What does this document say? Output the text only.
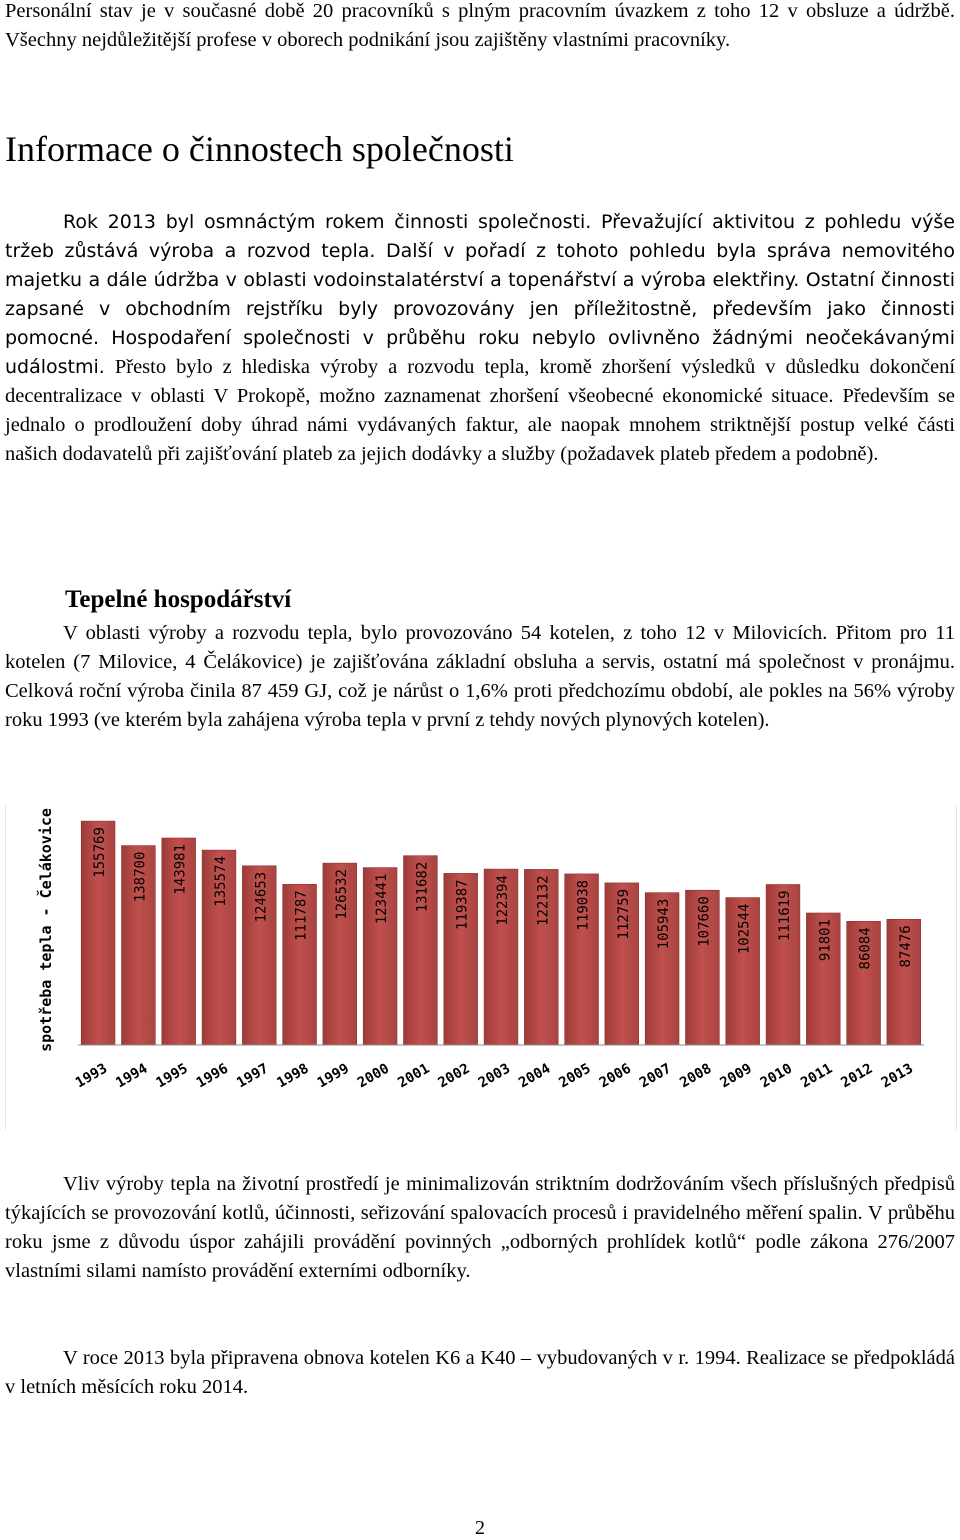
Personální stav je v současné době 20 pracovníků s plným pracovním úvazkem z toho 12 v obsluze a údržbě. Všechny nejdůležitější profese v oborech podnikání jsou zajištěny vlastními pracovníky.

Informace o činnostech společnosti

Rok 2013 byl osmnáctým rokem činnosti společnosti. Převažující aktivitou z pohledu výše tržeb zůstává výroba a rozvod tepla. Další v pořadí z tohoto pohledu byla správa nemovitého majetku a dále údržba v oblasti vodoinstalatérství a topenářství a výroba elektřiny. Ostatní činnosti zapsané v obchodním rejstříku byly provozovány jen příležitostně, především jako činnosti pomocné. Hospodaření společnosti v průběhu roku nebylo ovlivněno žádnými neočekávanými událostmi. Přesto bylo z hlediska výroby a rozvodu tepla, kromě zhoršení výsledků v důsledku dokončení decentralizace v oblasti V Prokopě, možno zaznamenat zhoršení všeobecné ekonomické situace. Především se jednalo o prodloužení doby úhrad námi vydávaných faktur, ale naopak mnohem striktnější postup velké části našich dodavatelů při zajišťování plateb za jejich dodávky a služby (požadavek plateb předem a podobně).

Tepelné hospodářství

V oblasti výroby a rozvodu tepla, bylo provozováno 54 kotelen, z toho 12 v Milovicích. Přitom pro 11 kotelen (7 Milovice, 4 Čelákovice) je zajišťována základní obsluha a servis, ostatní má společnost v pronájmu. Celková roční výroba činila 87 459 GJ, což je nárůst o 1,6% proti předchozímu období, ale pokles na 56% výroby roku 1993 (ve kterém byla zahájena výroba tepla v první z tehdy nových plynových kotelen).

spotřeba tepla - Čelákovice	155769
1993
138700
1994
143981
1995
135574
1996
124653
1997
111787
1998
126532
1999
123441
2000
131682
2001
119387
2002
122394
2003
122132
2004
119038
2005
112759
2006
105943
2007
107660
2008
102544
2009
111619
2010
91801
2011
86084
2012
87476
2013

Vliv výroby tepla na životní prostředí je minimalizován striktním dodržováním všech příslušných předpisů týkajících se provozování kotlů, účinnosti, seřizování spalovacích procesů i pravidelného měření spalin. V průběhu roku jsme z důvodu úspor zahájili provádění povinných „odborných prohlídek kotlů“ podle zákona 276/2007 vlastními silami namísto provádění externími odborníky.

V roce 2013 byla připravena obnova kotelen K6 a K40 – vybudovaných v r. 1994. Realizace se předpokládá v letních měsících roku 2014.

2
